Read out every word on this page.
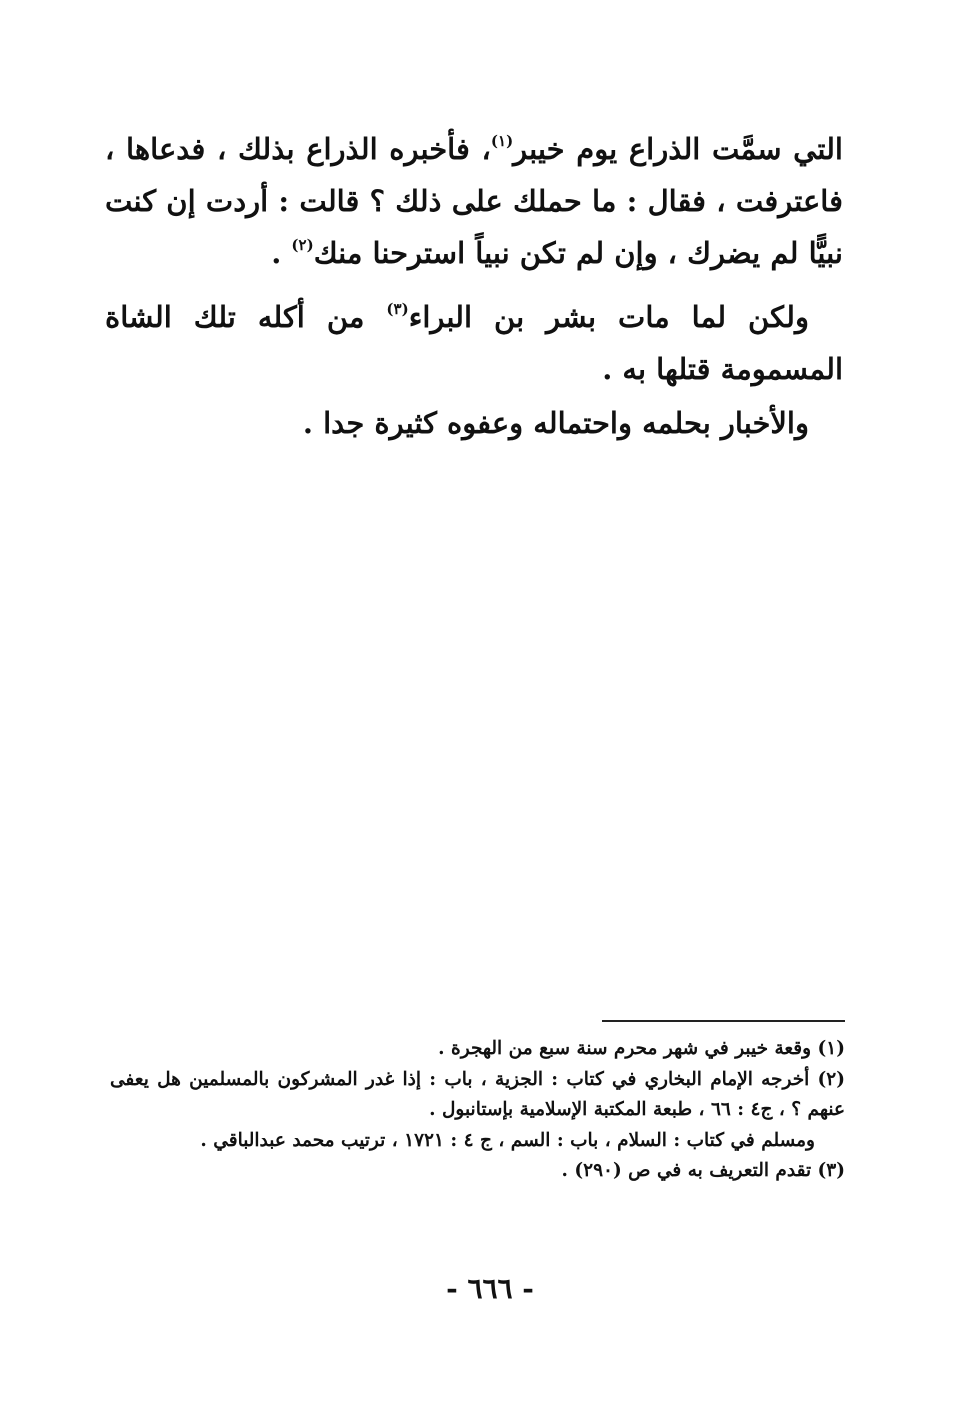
التي سمَّت الذراع يوم خيبر$^{(١)}$، فأخبره الذراع بذلك ، فدعاها ، فاعترفت ، فقال : ما حملك على ذلك ؟ قالت : أردت إن كنت نبيًّا لم يضرك ، وإن لم تكن نبياً استرحنا منك$^{(٢)}$ .

ولكن لما مات بشر بن البراء$^{(٣)}$ من أكله تلك الشاة المسمومة قتلها به .

والأخبار بحلمه واحتماله وعفوه كثيرة جدا .

(١) وقعة خيبر في شهر محرم سنة سبع من الهجرة .

(٢) أخرجه الإمام البخاري في كتاب : الجزية ، باب : إذا غدر المشركون بالمسلمين هل يعفى عنهم ؟ ، ج٤ : ٦٦ ، طبعة المكتبة الإسلامية بإستانبول .

ومسلم في كتاب : السلام ، باب : السم ، ج ٤ : ١٧٢١ ، ترتيب محمد عبدالباقي .

(٣) تقدم التعريف به في ص (٢٩٠) .

- ٦٦٦ -
